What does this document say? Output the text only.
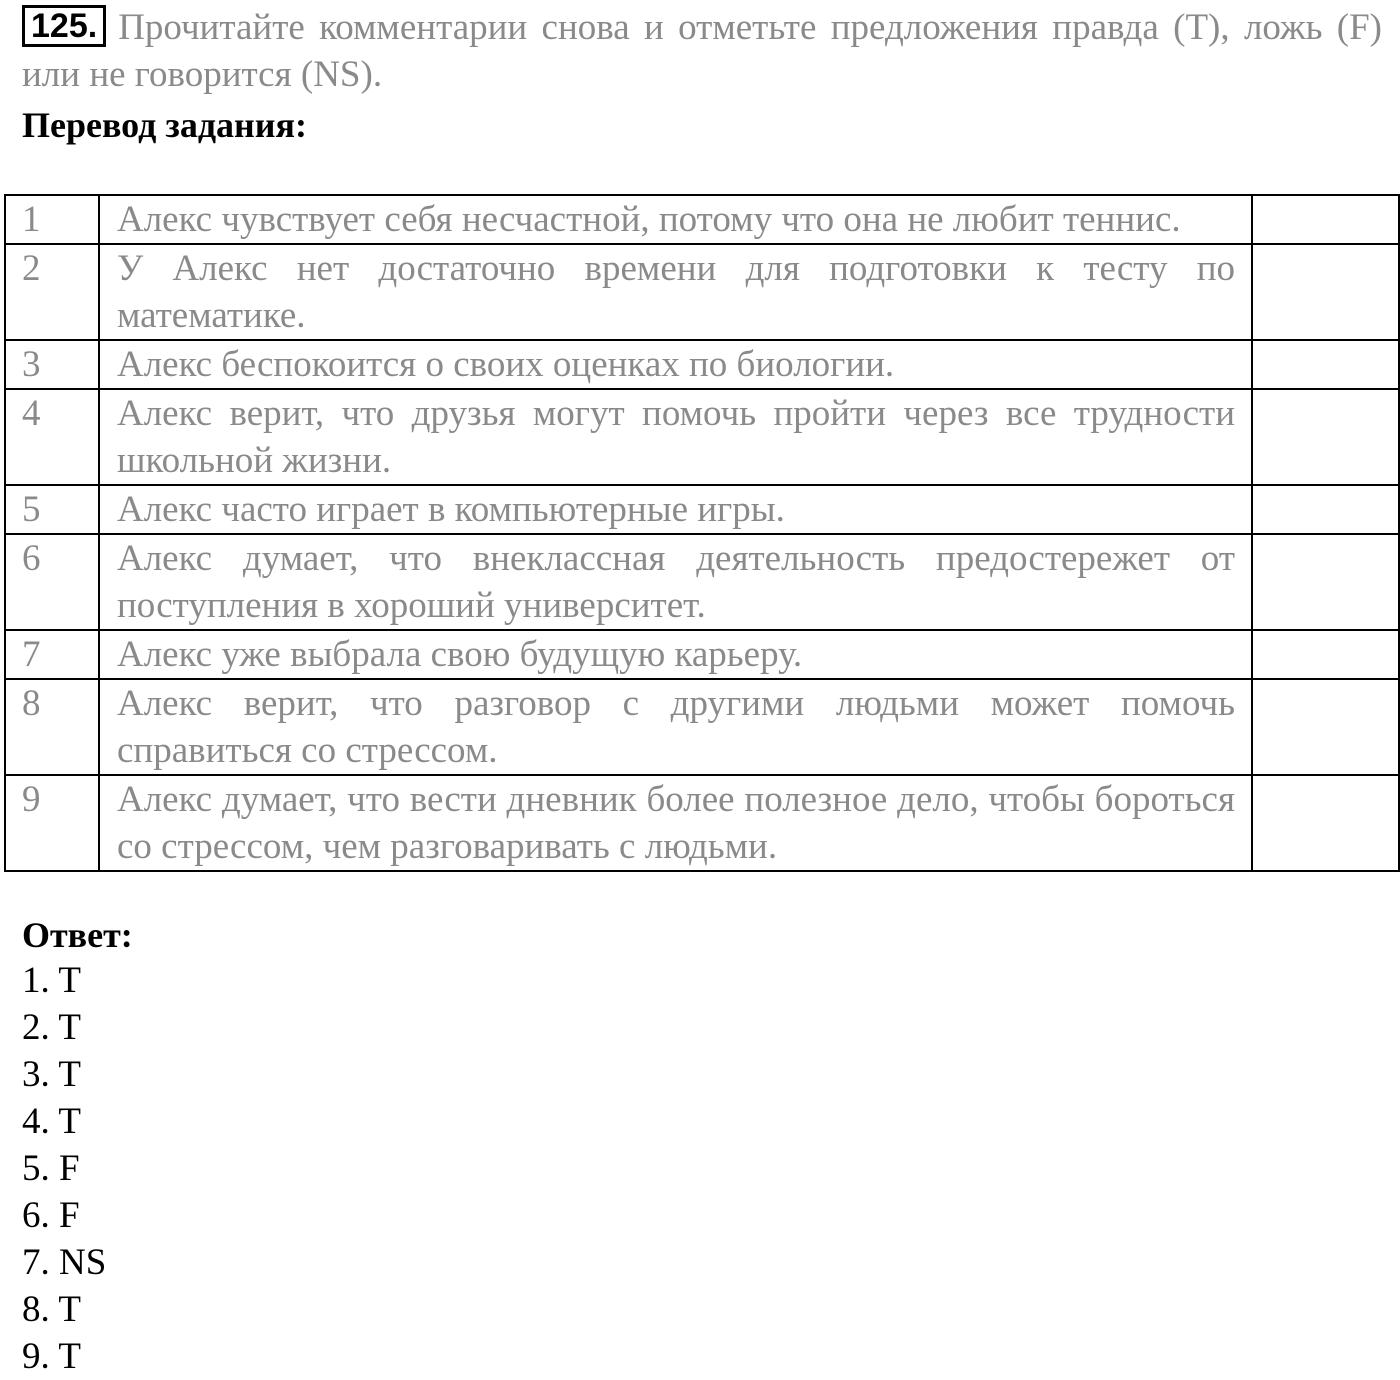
125. Прочитайте комментарии снова и отметьте предложения правда (T), ложь (F) или не говорится (NS).
Перевод задания:
1	Алекс чувствует себя несчастной, потому что она не любит теннис.	
2	У Алекс нет достаточно времени для подготовки к тесту по математике.	
3	Алекс беспокоится о своих оценках по биологии.	
4	Алекс верит, что друзья могут помочь пройти через все трудности школьной жизни.	
5	Алекс часто играет в компьютерные игры.	
6	Алекс думает, что внеклассная деятельность предостережет от поступления в хороший университет.	
7	Алекс уже выбрала свою будущую карьеру.	
8	Алекс верит, что разговор с другими людьми может помочь справиться со стрессом.	
9	Алекс думает, что вести дневник более полезное дело, чтобы бороться со стрессом, чем разговаривать с людьми.	
Ответ:
1. T
2. T
3. T
4. T
5. F
6. F
7. NS
8. T
9. T
